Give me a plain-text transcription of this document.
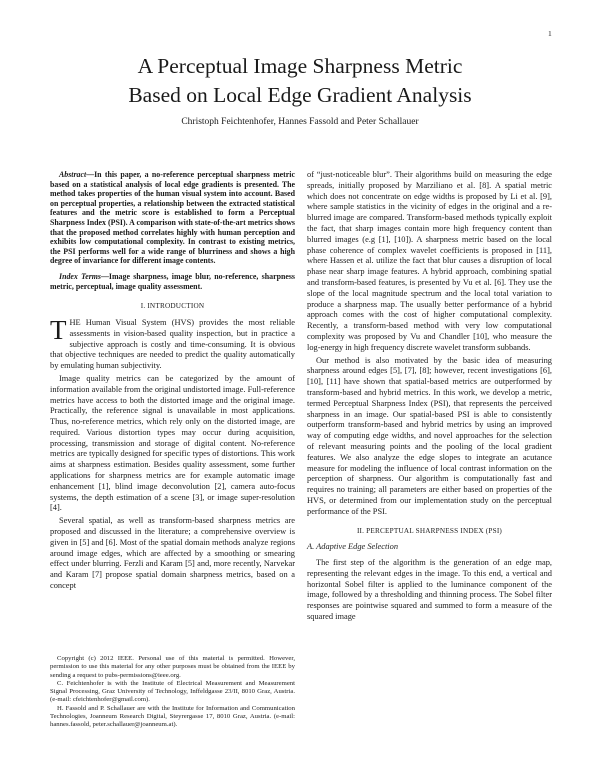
1
A Perceptual Image Sharpness Metric
Based on Local Edge Gradient Analysis
Christoph Feichtenhofer, Hannes Fassold and Peter Schallauer

Abstract—In this paper, a no-reference perceptual sharpness metric based on a statistical analysis of local edge gradients is presented. The method takes properties of the human visual system into account. Based on perceptual properties, a relationship between the extracted statistical features and the metric score is established to form a Perceptual Sharpness Index (PSI). A comparison with state-of-the-art metrics shows that the proposed method correlates highly with human perception and exhibits low computational complexity. In contrast to existing metrics, the PSI performs well for a wide range of blurriness and shows a high degree of invariance for different image contents.

Index Terms—Image sharpness, image blur, no-reference, sharpness metric, perceptual, image quality assessment.

I. INTRODUCTION

THE Human Visual System (HVS) provides the most reliable assessments in vision-based quality inspection, but in practice a subjective approach is costly and time-consuming. It is obvious that objective techniques are needed to predict the quality automatically by emulating human subjectivity.

Image quality metrics can be categorized by the amount of information available from the original undistorted image. Full-reference metrics have access to both the distorted image and the original image. Practically, the reference signal is unavailable in most applications. Thus, no-reference metrics, which rely only on the distorted image, are required. Various distortion types may occur during acquisition, processing, transmission and storage of digital content. No-reference metrics are typically designed for specific types of distortions. This work aims at sharpness estimation. Besides quality assessment, some further applications for sharpness metrics are for example automatic image enhancement [1], blind image deconvolution [2], camera auto-focus systems, the depth estimation of a scene [3], or image super-resolution [4].

Several spatial, as well as transform-based sharpness metrics are proposed and discussed in the literature; a comprehensive overview is given in [5] and [6]. Most of the spatial domain methods analyze regions around image edges, which are affected by a smoothing or smearing effect under blurring. Ferzli and Karam [5] and, more recently, Narvekar and Karam [7] propose spatial domain sharpness metrics, based on a concept

Copyright (c) 2012 IEEE. Personal use of this material is permitted. However, permission to use this material for any other purposes must be obtained from the IEEE by sending a request to pubs-permissions@ieee.org.

C. Feichtenhofer is with the Institute of Electrical Measurement and Measurement Signal Processing, Graz University of Technology, Inffeldgasse 23/II, 8010 Graz, Austria. (e-mail: cfeichtenhofer@gmail.com).

H. Fassold and P. Schallauer are with the Institute for Information and Communication Technologies, Joanneum Research Digital, Steyrergasse 17, 8010 Graz, Austria. (e-mail: hannes.fassold, peter.schallauer@joanneum.at).

of “just-noticeable blur”. Their algorithms build on measuring the edge spreads, initially proposed by Marziliano et al. [8]. A spatial metric which does not concentrate on edge widths is proposed by Li et al. [9], where sample statistics in the vicinity of edges in the original and a re-blurred image are compared. Transform-based methods typically exploit the fact, that sharp images contain more high frequency content than blurred images (e.g [1], [10]). A sharpness metric based on the local phase coherence of complex wavelet coefficients is proposed in [11], where Hassen et al. utilize the fact that blur causes a disruption of local phase near sharp image features. A hybrid approach, combining spatial and transform-based features, is presented by Vu et al. [6]. They use the slope of the local magnitude spectrum and the local total variation to produce a sharpness map. The usually better performance of a hybrid approach comes with the cost of higher computational complexity. Recently, a transform-based method with very low computational complexity was proposed by Vu and Chandler [10], who measure the log-energy in high frequency discrete wavelet transform subbands.

Our method is also motivated by the basic idea of measuring sharpness around edges [5], [7], [8]; however, recent investigations [6], [10], [11] have shown that spatial-based metrics are outperformed by transform-based and hybrid metrics. In this work, we develop a metric, termed Perceptual Sharpness Index (PSI), that represents the perceived sharpness in an image. Our spatial-based PSI is able to consistently outperform transform-based and hybrid metrics by using an improved way of computing edge widths, and novel approaches for the selection of relevant measuring points and the pooling of the local gradient features. We also analyze the edge slopes to integrate an acutance measure for modeling the influence of local contrast information on the perception of sharpness. Our algorithm is computationally fast and requires no training; all parameters are either based on properties of the HVS, or determined from our implementation study on the perceptual performance of the PSI.

II. PERCEPTUAL SHARPNESS INDEX (PSI)
A. Adaptive Edge Selection

The first step of the algorithm is the generation of an edge map, representing the relevant edges in the image. To this end, a vertical and horizontal Sobel filter is applied to the luminance component of the image, followed by a thresholding and thinning process. The Sobel filter responses are pointwise squared and summed to form a measure of the squared image
